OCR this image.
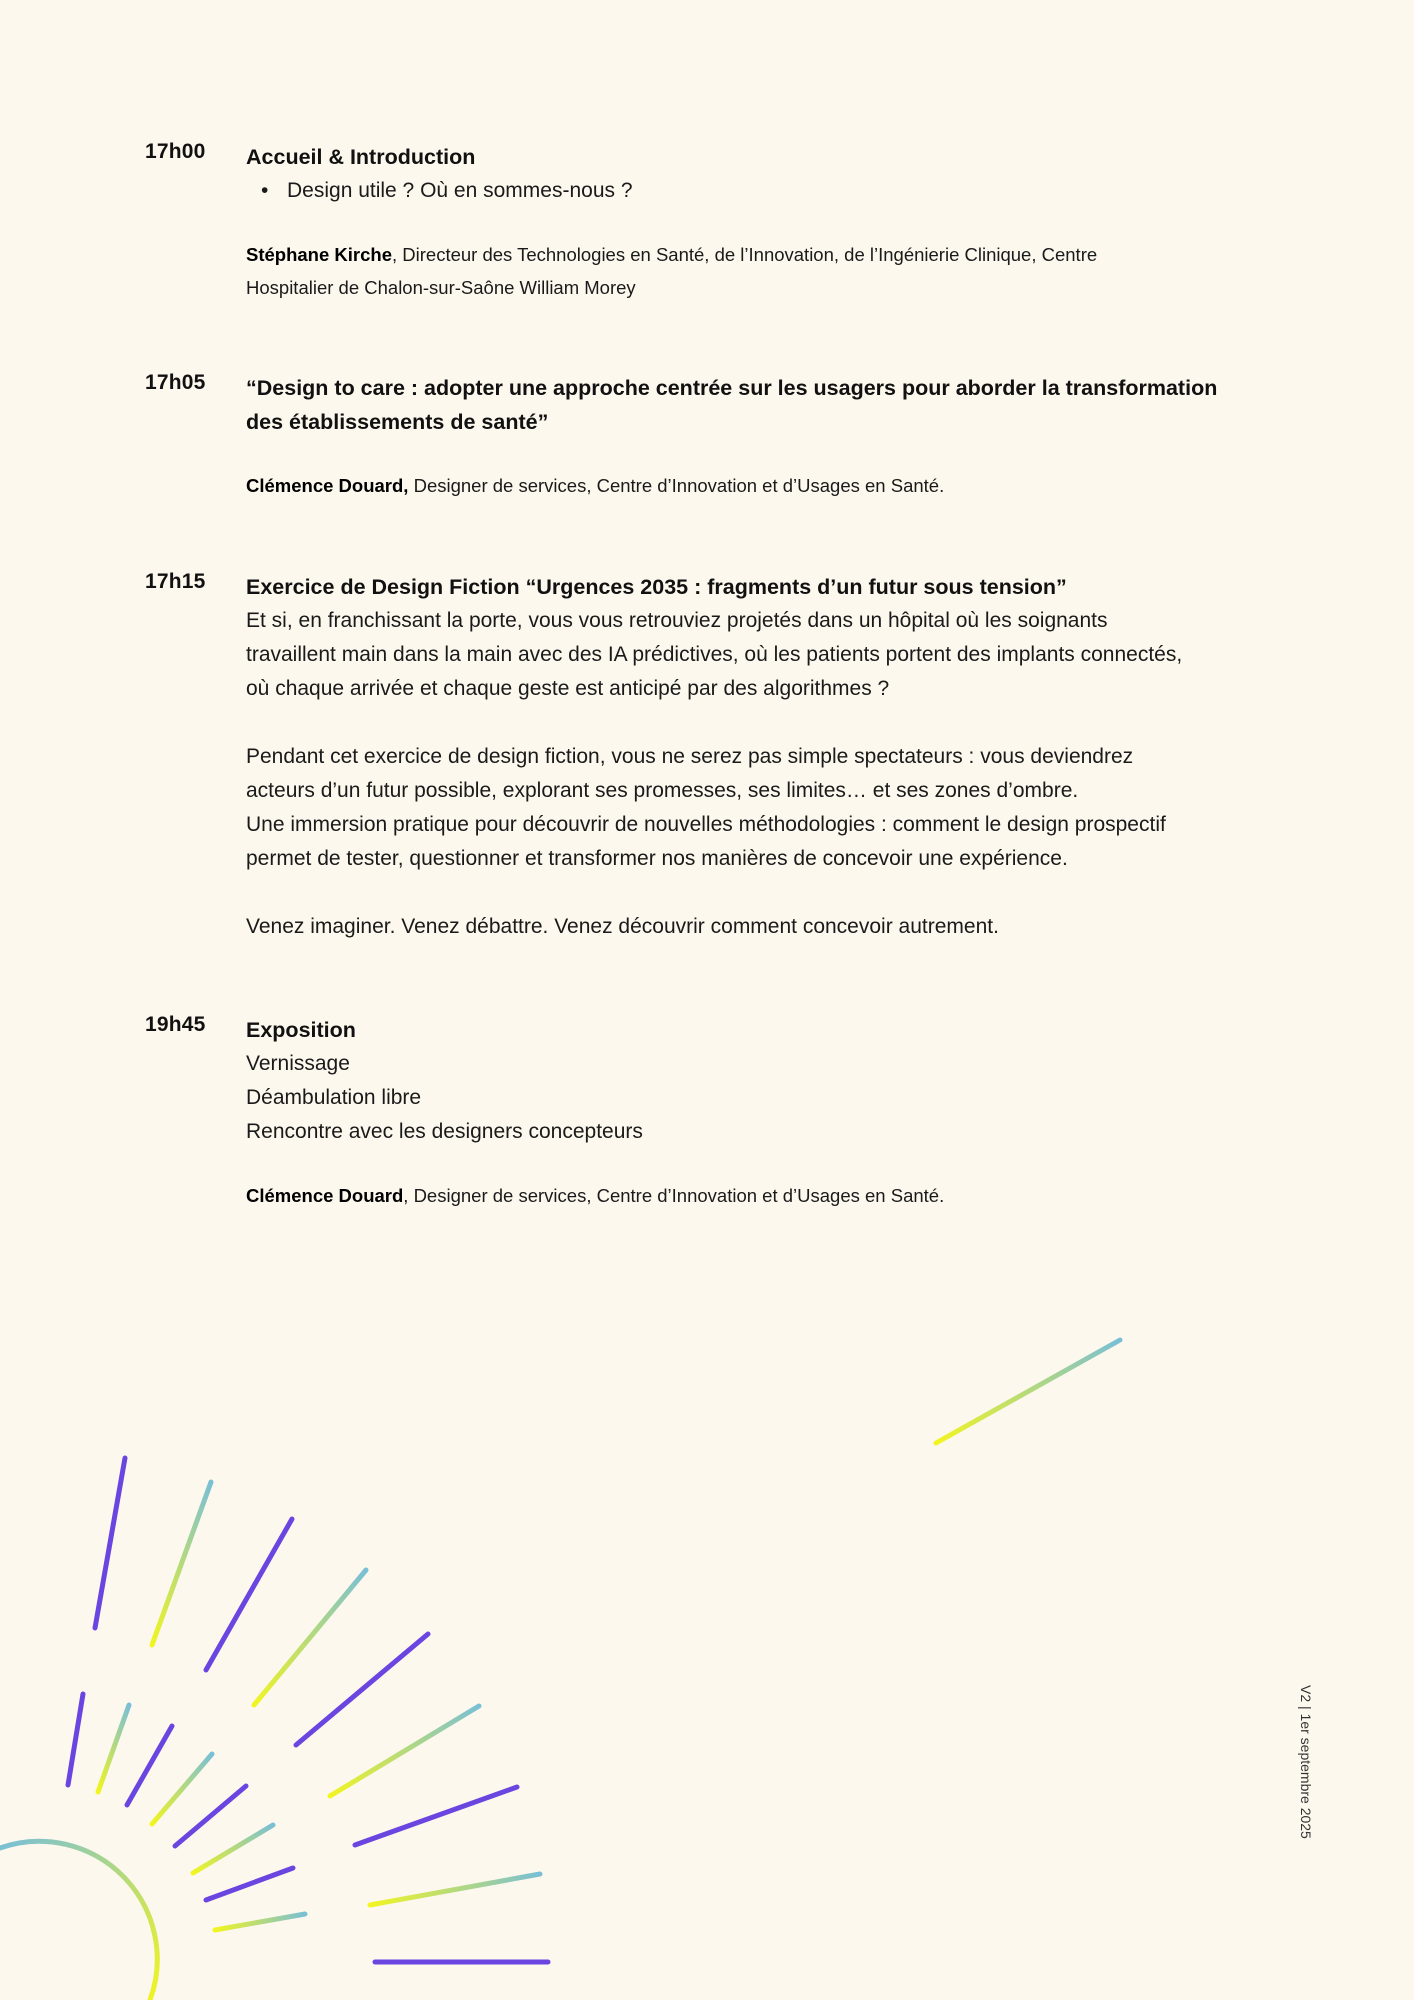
17h00	Accueil & Introduction

• Design utile ? Où en sommes-nous ?

Stéphane Kirche, Directeur des Technologies en Santé, de l’Innovation, de l’Ingénierie Clinique, Centre

Hospitalier de Chalon-sur-Saône William Morey

17h05	“Design to care : adopter une approche centrée sur les usagers pour aborder la transformation

des établissements de santé”

Clémence Douard, Designer de services, Centre d’Innovation et d’Usages en Santé.

17h15	Exercice de Design Fiction “Urgences 2035 : fragments d’un futur sous tension”

Et si, en franchissant la porte, vous vous retrouviez projetés dans un hôpital où les soignants

travaillent main dans la main avec des IA prédictives, où les patients portent des implants connectés,

où chaque arrivée et chaque geste est anticipé par des algorithmes ?

Pendant cet exercice de design fiction, vous ne serez pas simple spectateurs : vous deviendrez

acteurs d’un futur possible, explorant ses promesses, ses limites… et ses zones d’ombre.

Une immersion pratique pour découvrir de nouvelles méthodologies : comment le design prospectif

permet de tester, questionner et transformer nos manières de concevoir une expérience.

Venez imaginer. Venez débattre. Venez découvrir comment concevoir autrement.

19h45	Exposition

Vernissage

Déambulation libre

Rencontre avec les designers concepteurs

Clémence Douard, Designer de services, Centre d’Innovation et d’Usages en Santé.

V2 | 1er septembre 2025
